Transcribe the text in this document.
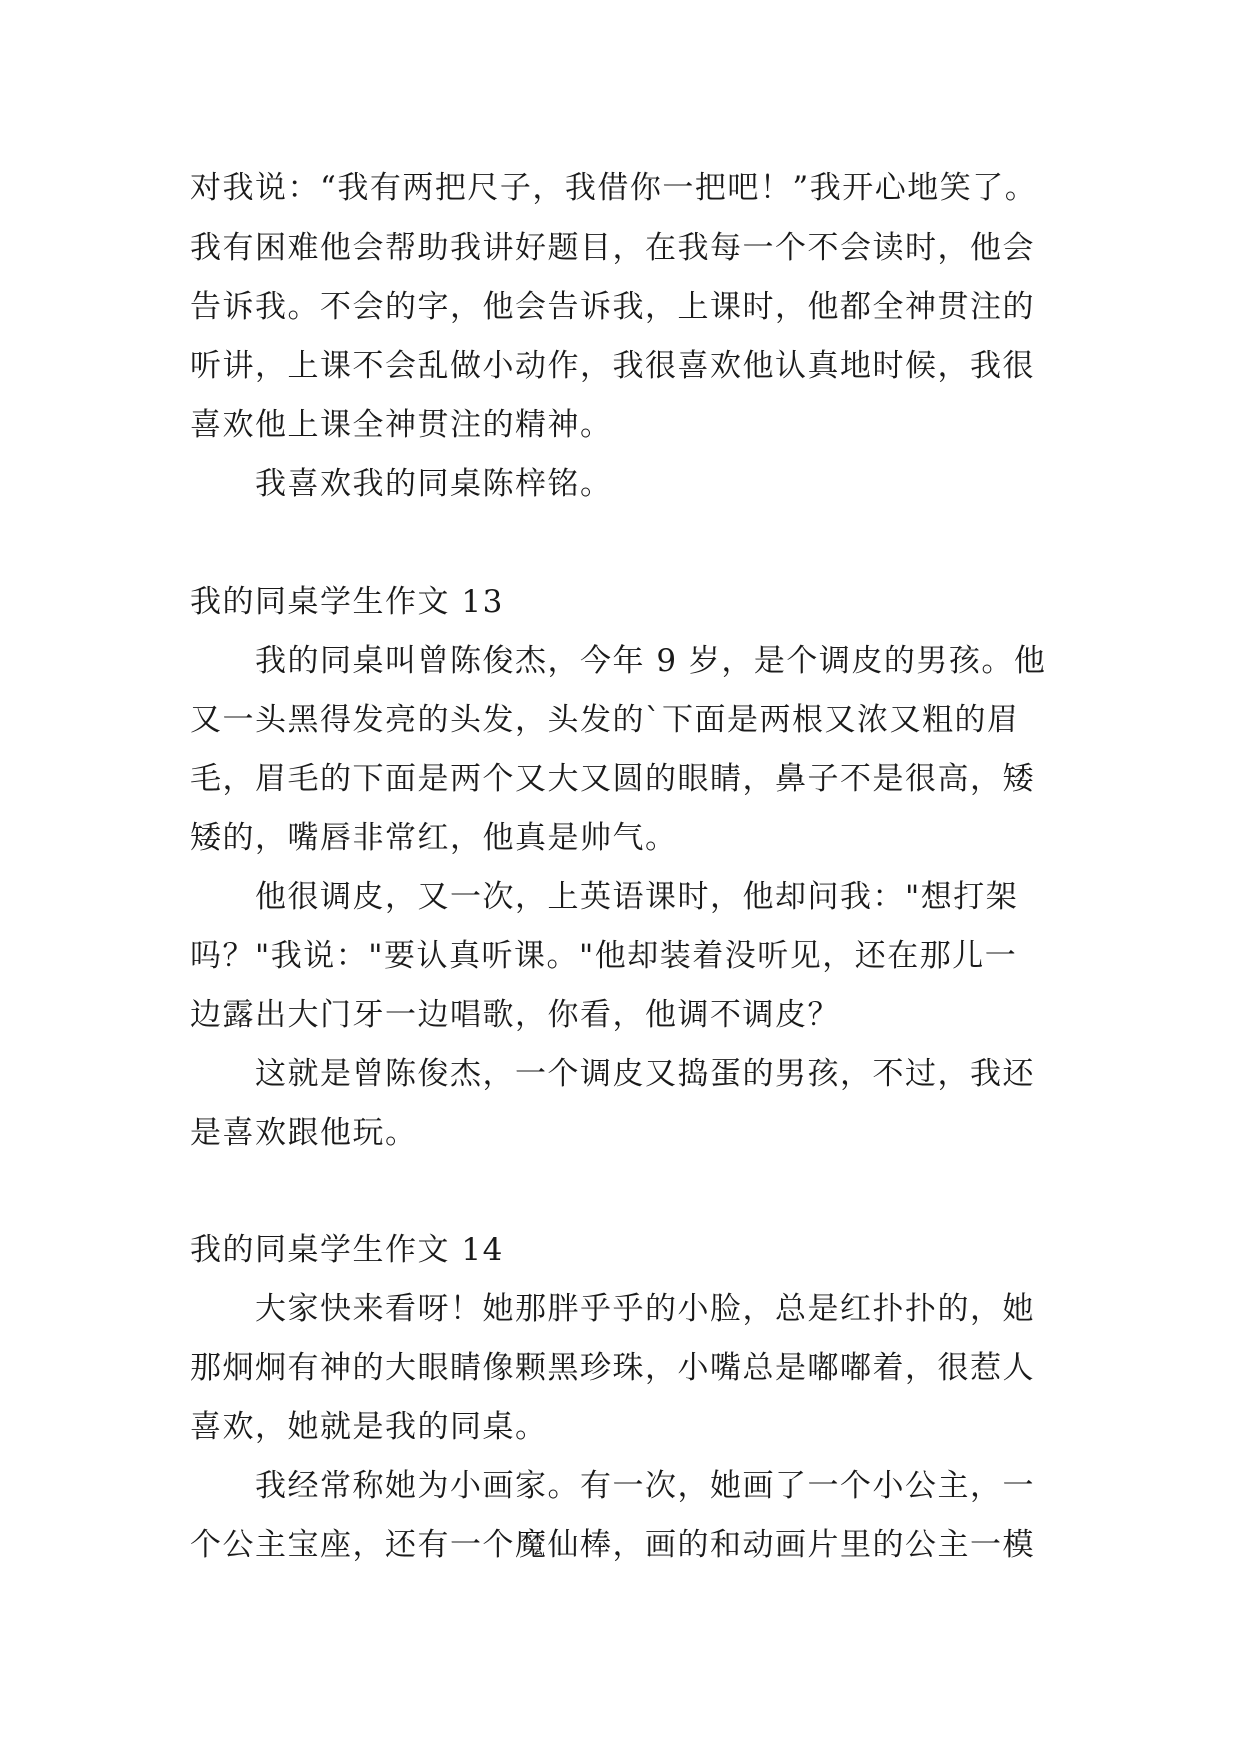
对我说：“我有两把尺子，我借你一把吧！”我开心地笑了。
我有困难他会帮助我讲好题目，在我每一个不会读时，他会
告诉我。不会的字，他会告诉我，上课时，他都全神贯注的
听讲，上课不会乱做小动作，我很喜欢他认真地时候，我很
喜欢他上课全神贯注的精神。
我喜欢我的同桌陈梓铭。
我的同桌学生作文 13
我的同桌叫曾陈俊杰，今年 9 岁，是个调皮的男孩。他
又一头黑得发亮的头发，头发的`下面是两根又浓又粗的眉
毛，眉毛的下面是两个又大又圆的眼睛，鼻子不是很高，矮
矮的，嘴唇非常红，他真是帅气。
他很调皮，又一次，上英语课时，他却问我："想打架
吗？"我说："要认真听课。"他却装着没听见，还在那儿一
边露出大门牙一边唱歌，你看，他调不调皮？
这就是曾陈俊杰，一个调皮又捣蛋的男孩，不过，我还
是喜欢跟他玩。
我的同桌学生作文 14
大家快来看呀！她那胖乎乎的小脸，总是红扑扑的，她
那炯炯有神的大眼睛像颗黑珍珠，小嘴总是嘟嘟着，很惹人
喜欢，她就是我的同桌。
我经常称她为小画家。有一次，她画了一个小公主，一
个公主宝座，还有一个魔仙棒，画的和动画片里的公主一模
